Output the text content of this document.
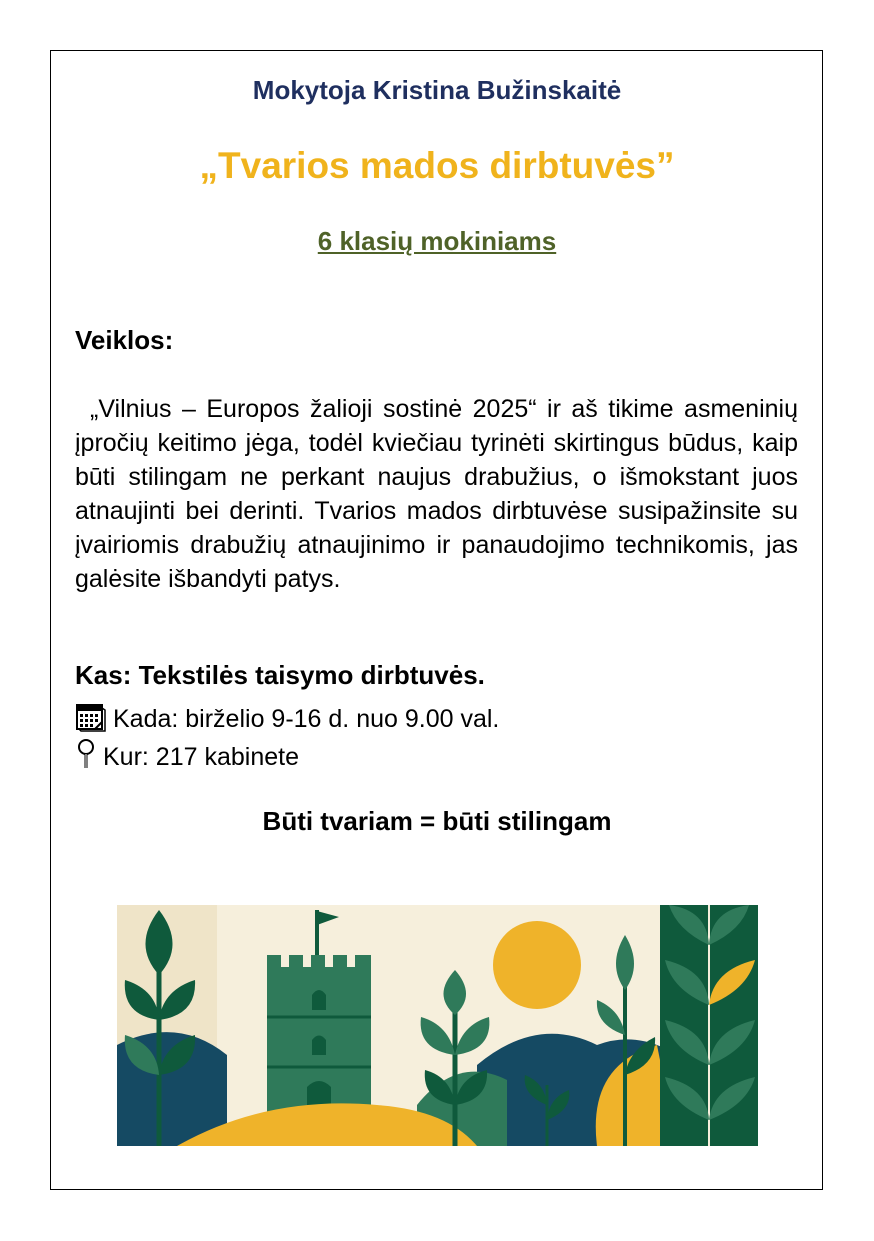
Mokytoja Kristina Bužinskaitė
„Tvarios mados dirbtuvės”
6 klasių mokiniams
Veiklos:
„Vilnius – Europos žalioji sostinė 2025“ ir aš tikime asmeninių įpročių keitimo jėga, todėl kviečiau tyrinėti skirtingus būdus, kaip būti stilingam ne perkant naujus drabužius, o išmokstant juos atnaujinti bei derinti. Tvarios mados dirbtuvėse susipažinsite su įvairiomis drabužių atnaujinimo ir panaudojimo technikomis, jas galėsite išbandyti patys.
Kas: Tekstilės taisymo dirbtuvės.
Kada: birželio 9-16 d. nuo 9.00 val.
Kur: 217 kabinete
Būti tvariam = būti stilingam
